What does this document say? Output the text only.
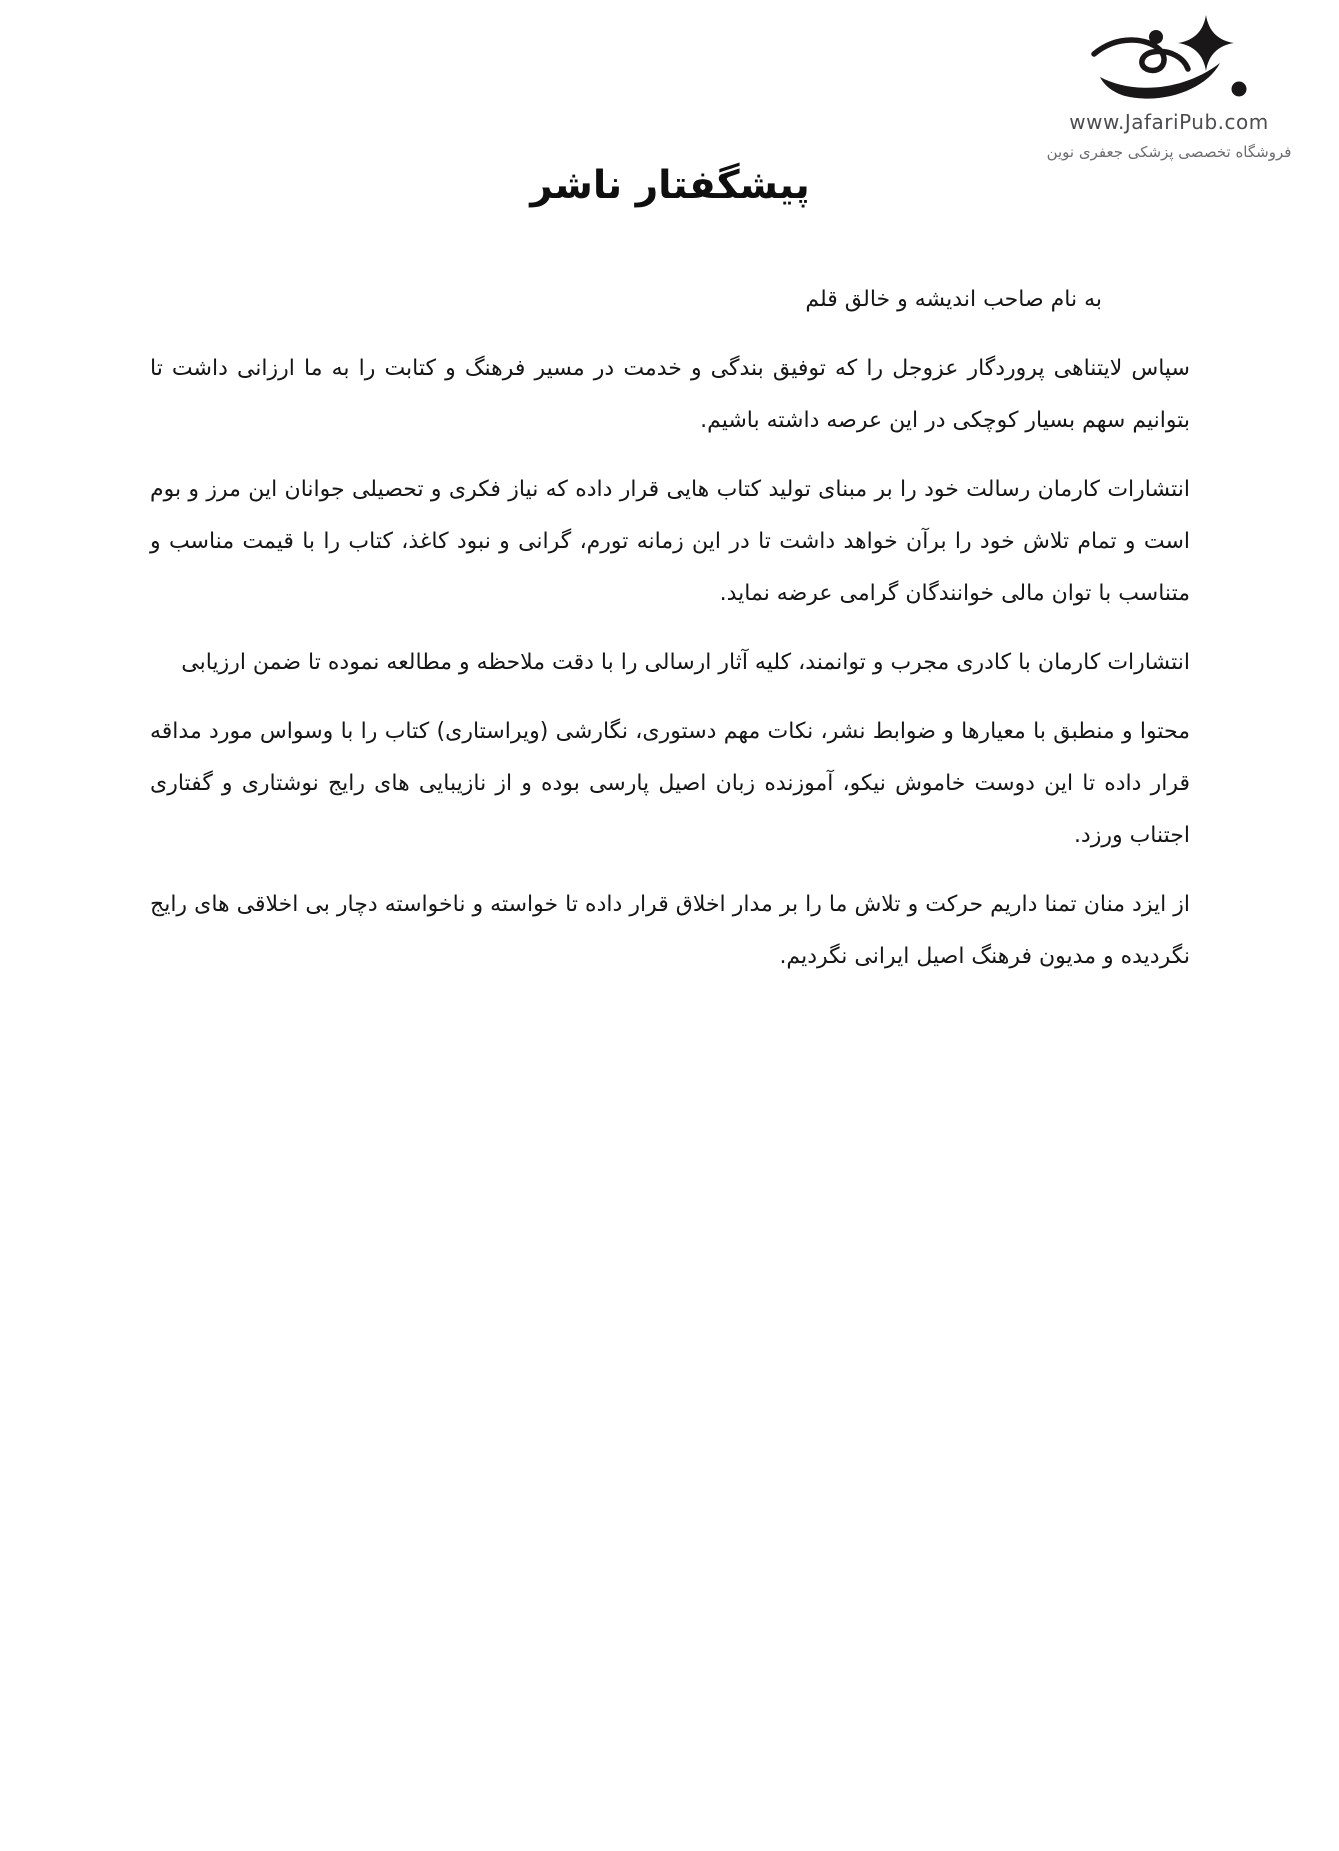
www.JafariPub.com
فروشگاه تخصصی پزشکی جعفری نوین
پیشگفتار ناشر

به نام صاحب اندیشه و خالق قلم

سپاس لایتناهی پروردگار عزوجل را که توفیق بندگی و خدمت در مسیر فرهنگ و کتابت را به ما ارزانی داشت تا بتوانیم سهم بسیار کوچکی در این عرصه داشته باشیم.

انتشارات کارمان رسالت خود را بر مبنای تولید کتاب هایی قرار داده که نیاز فکری و تحصیلی جوانان این مرز و بوم است و تمام تلاش خود را برآن خواهد داشت تا در این زمانه تورم، گرانی و نبود کاغذ، کتاب را با قیمت مناسب و متناسب با توان مالی خوانندگان گرامی عرضه نماید.

انتشارات کارمان با کادری مجرب و توانمند، کلیه آثار ارسالی را با دقت ملاحظه و مطالعه نموده تا ضمن ارزیابی

محتوا و منطبق با معیارها و ضوابط نشر، نکات مهم دستوری، نگارشی (ویراستاری) کتاب را با وسواس مورد مداقه قرار داده تا این دوست خاموش نیکو، آموزنده زبان اصیل پارسی بوده و از نازیبایی های رایج نوشتاری و گفتاری اجتناب ورزد.

از ایزد منان تمنا داریم حرکت و تلاش ما را بر مدار اخلاق قرار داده تا خواسته و ناخواسته دچار بی اخلاقی های رایج نگردیده و مدیون فرهنگ اصیل ایرانی نگردیم.
